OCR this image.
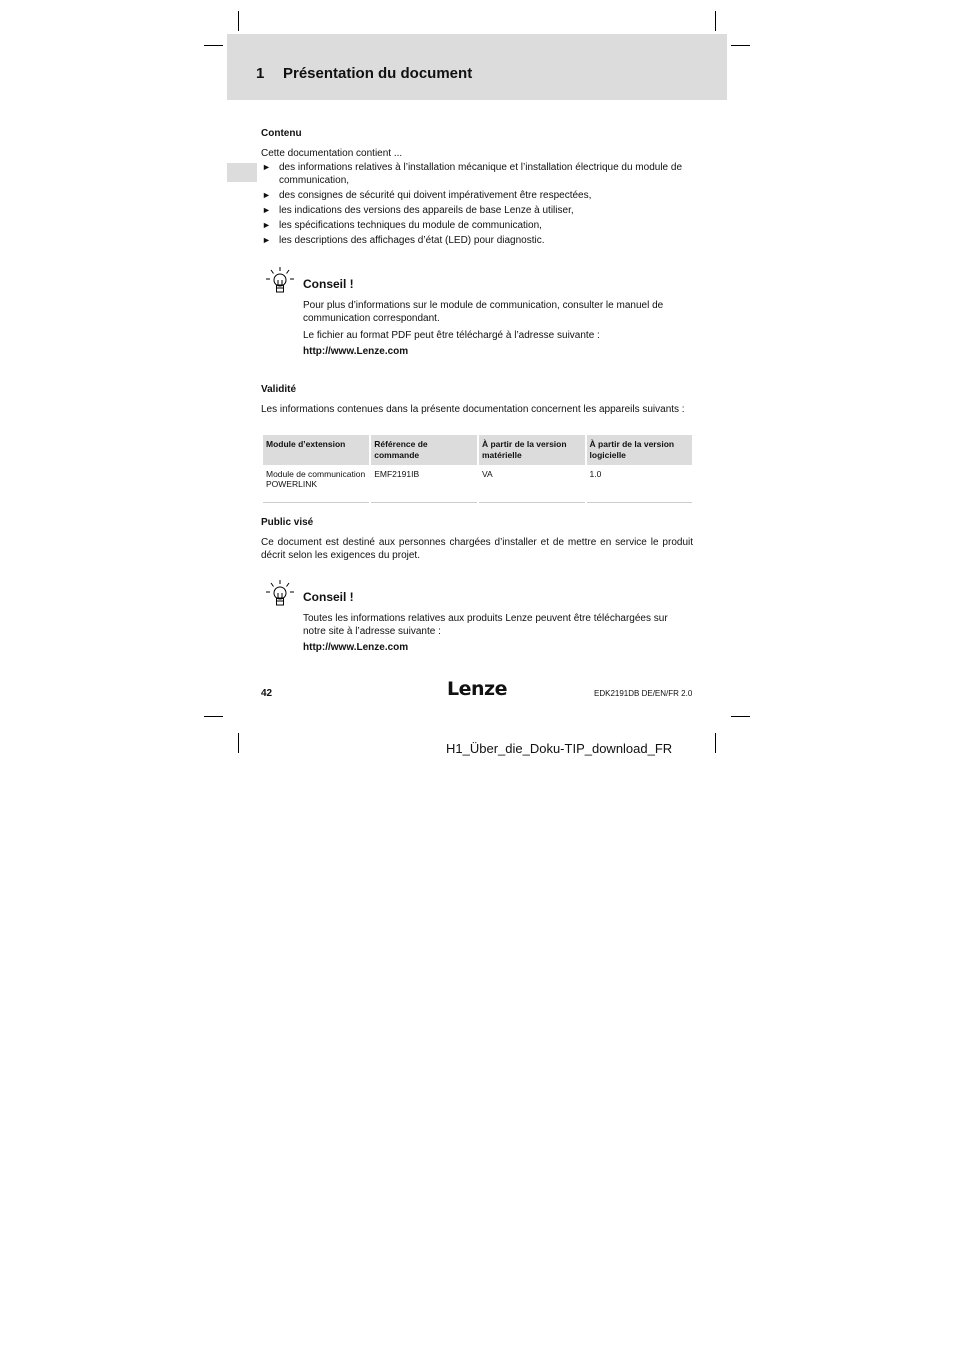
1 Présentation du document
Contenu
Cette documentation contient ...
► des informations relatives à l’installation mécanique et l’installation électrique du module de communication,
► des consignes de sécurité qui doivent impérativement être respectées,
► les indications des versions des appareils de base Lenze à utiliser,
► les spécifications techniques du module de communication,
► les descriptions des affichages d’état (LED) pour diagnostic.
Conseil !
Pour plus d’informations sur le module de communication, consulter le manuel de communication correspondant.
Le fichier au format PDF peut être téléchargé à l’adresse suivante :
http://www.Lenze.com
Validité
Les informations contenues dans la présente documentation concernent les appareils suivants :
Module d’extension	Référence de commande	À partir de la version matérielle	À partir de la version logicielle
Module de communication POWERLINK	EMF2191IB	VA	1.0
Public visé
Ce document est destiné aux personnes chargées d’installer et de mettre en service le produit décrit selon les exigences du projet.
Conseil !
Toutes les informations relatives aux produits Lenze peuvent être téléchargées sur notre site à l’adresse suivante :
http://www.Lenze.com
42	Lenze	EDK2191DB DE/EN/FR 2.0
H1_Über_die_Doku-TIP_download_FR
